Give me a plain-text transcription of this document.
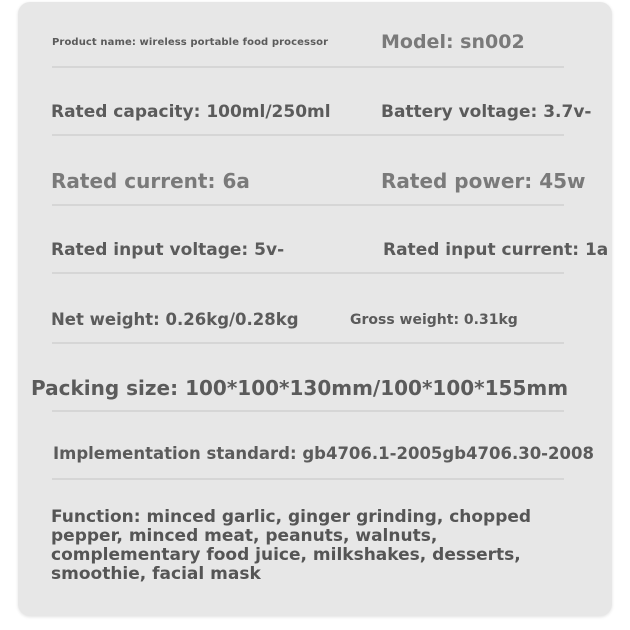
Product name: wireless portable food processor	Model: sn002
Rated capacity: 100ml/250ml	Battery voltage: 3.7v-
Rated current: 6a	Rated power: 45w
Rated input voltage: 5v-	Rated input current: 1a
Net weight: 0.26kg/0.28kg	Gross weight: 0.31kg
Packing size: 100*100*130mm/100*100*155mm
Implementation standard: gb4706.1-2005gb4706.30-2008
Function: minced garlic, ginger grinding, chopped pepper, minced meat, peanuts, walnuts, complementary food juice, milkshakes, desserts, smoothie, facial mask
